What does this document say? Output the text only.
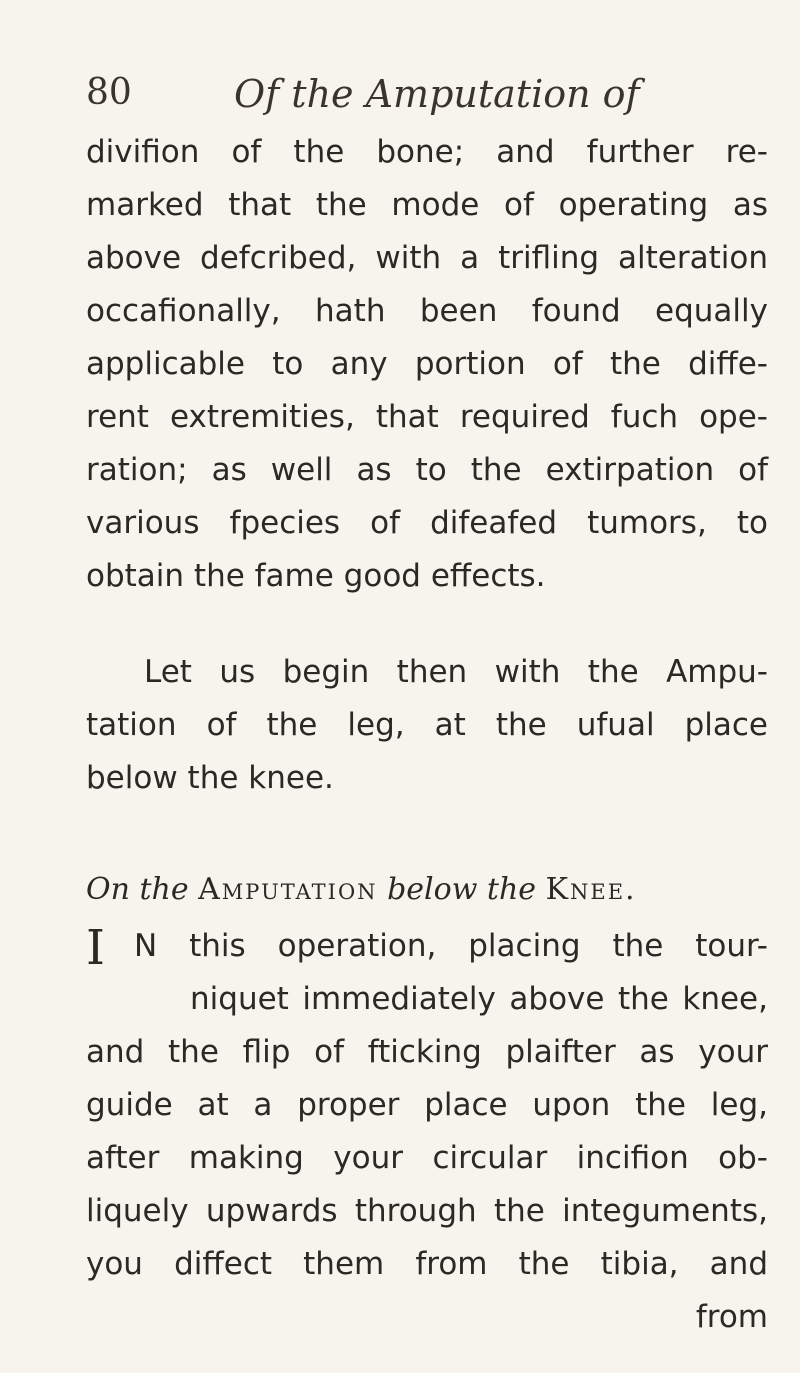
80	Of the Amputation of
divifion of the bone; and further re-
marked that the mode of operating as
above defcribed, with a trifling alteration
occafionally, hath been found equally
applicable to any portion of the diffe-
rent extremities, that required fuch ope-
ration; as well as to the extirpation of
various fpecies of difeafed tumors, to
obtain the fame good effects.
Let us begin then with the Ampu-
tation of the leg, at the ufual place
below the knee.
On the Amputation below the Knee.
I N this operation, placing the tour-
niquet immediately above the knee,
and the flip of fticking plaifter as your
guide at a proper place upon the leg,
after making your circular incifion ob-
liquely upwards through the integuments,
you diffect them from the tibia, and
from
